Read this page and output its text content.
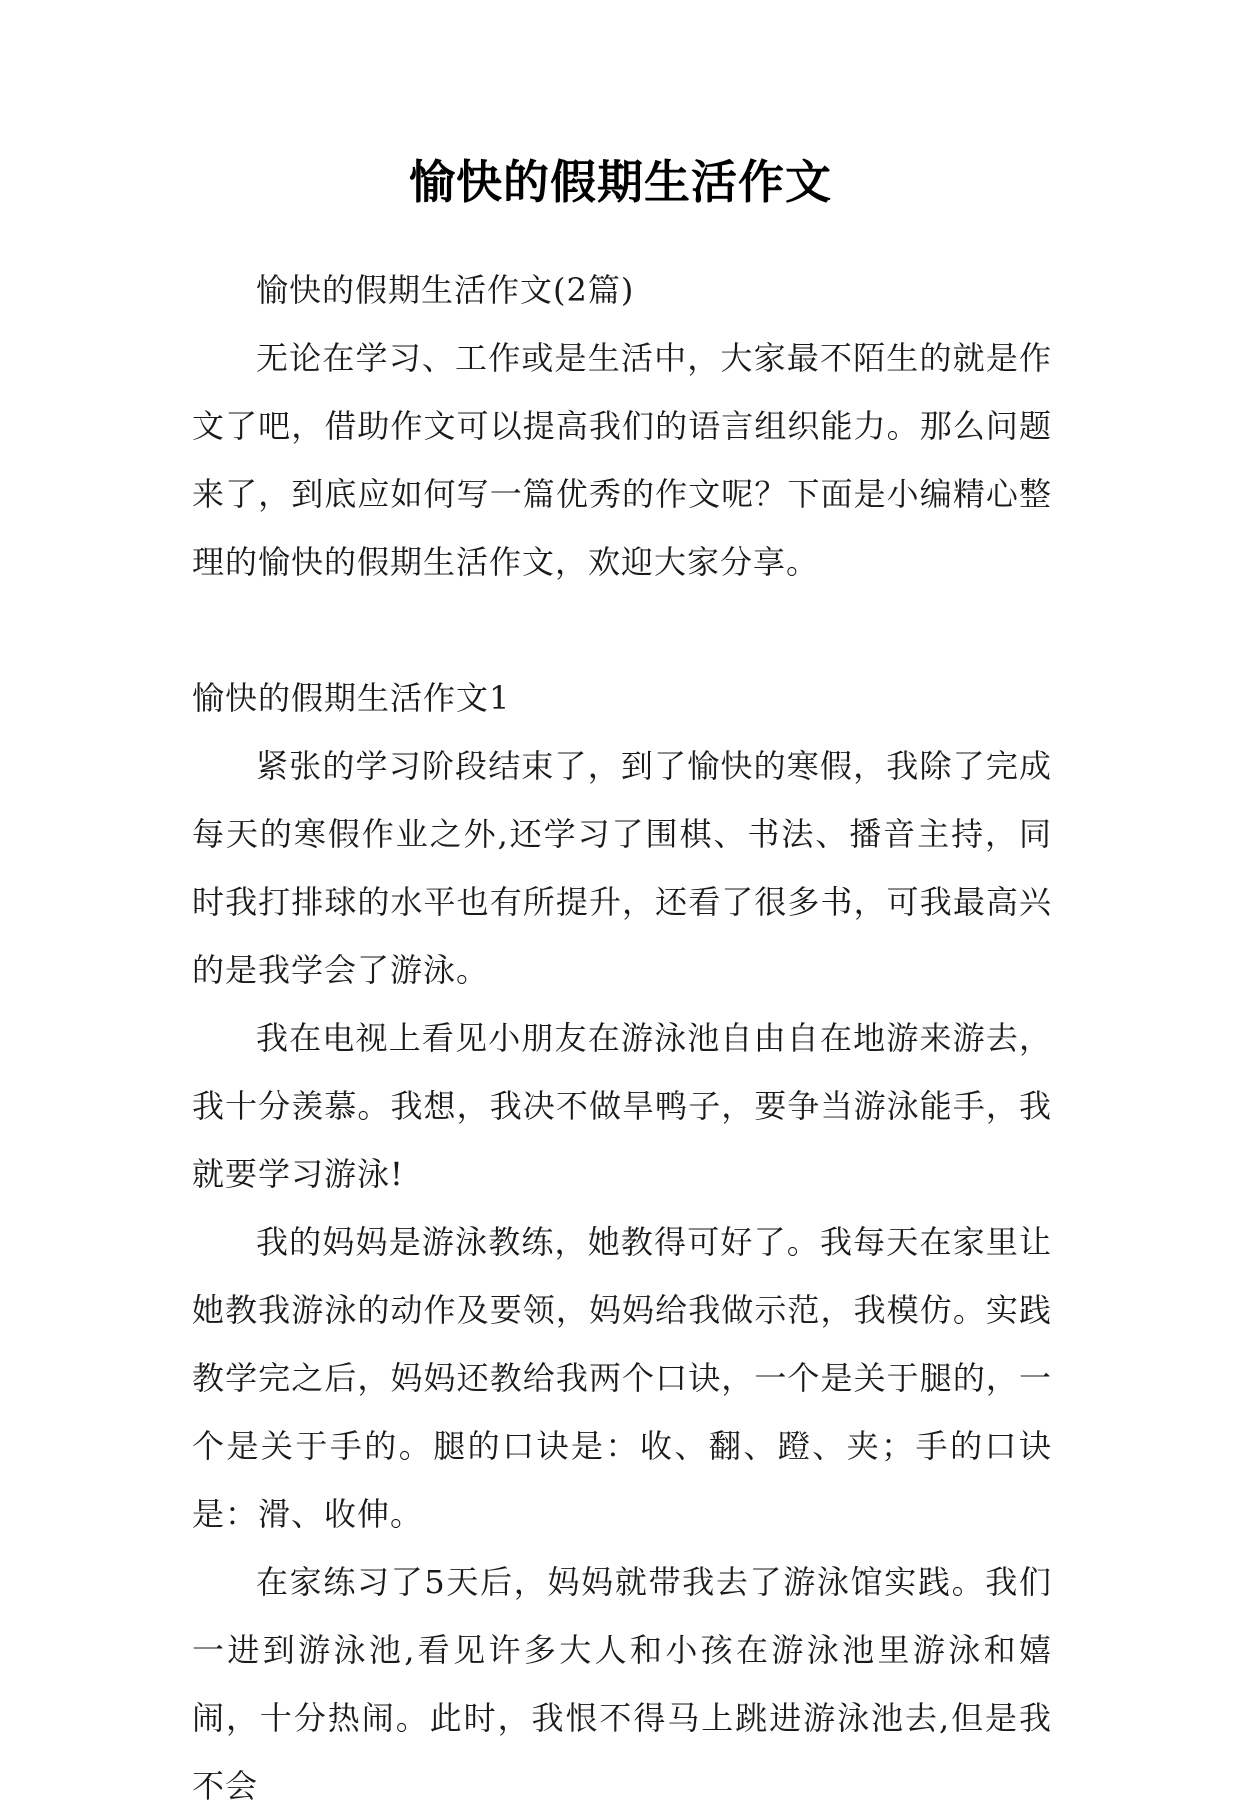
愉快的假期生活作文

愉快的假期生活作文(2篇)

无论在学习、工作或是生活中，大家最不陌生的就是作文了吧，借助作文可以提高我们的语言组织能力。那么问题来了，到底应如何写一篇优秀的作文呢？下面是小编精心整理的愉快的假期生活作文，欢迎大家分享。

愉快的假期生活作文1

紧张的学习阶段结束了，到了愉快的寒假，我除了完成每天的寒假作业之外,还学习了围棋、书法、播音主持，同时我打排球的水平也有所提升，还看了很多书，可我最高兴的是我学会了游泳。

我在电视上看见小朋友在游泳池自由自在地游来游去，我十分羡慕。我想，我决不做旱鸭子，要争当游泳能手，我就要学习游泳!

我的妈妈是游泳教练，她教得可好了。我每天在家里让她教我游泳的动作及要领，妈妈给我做示范，我模仿。实践教学完之后，妈妈还教给我两个口诀，一个是关于腿的，一个是关于手的。腿的口诀是：收、翻、蹬、夹；手的口诀是：滑、收伸。

在家练习了5天后，妈妈就带我去了游泳馆实践。我们一进到游泳池,看见许多大人和小孩在游泳池里游泳和嬉闹，十分热闹。此时，我恨不得马上跳进游泳池去,但是我不会
